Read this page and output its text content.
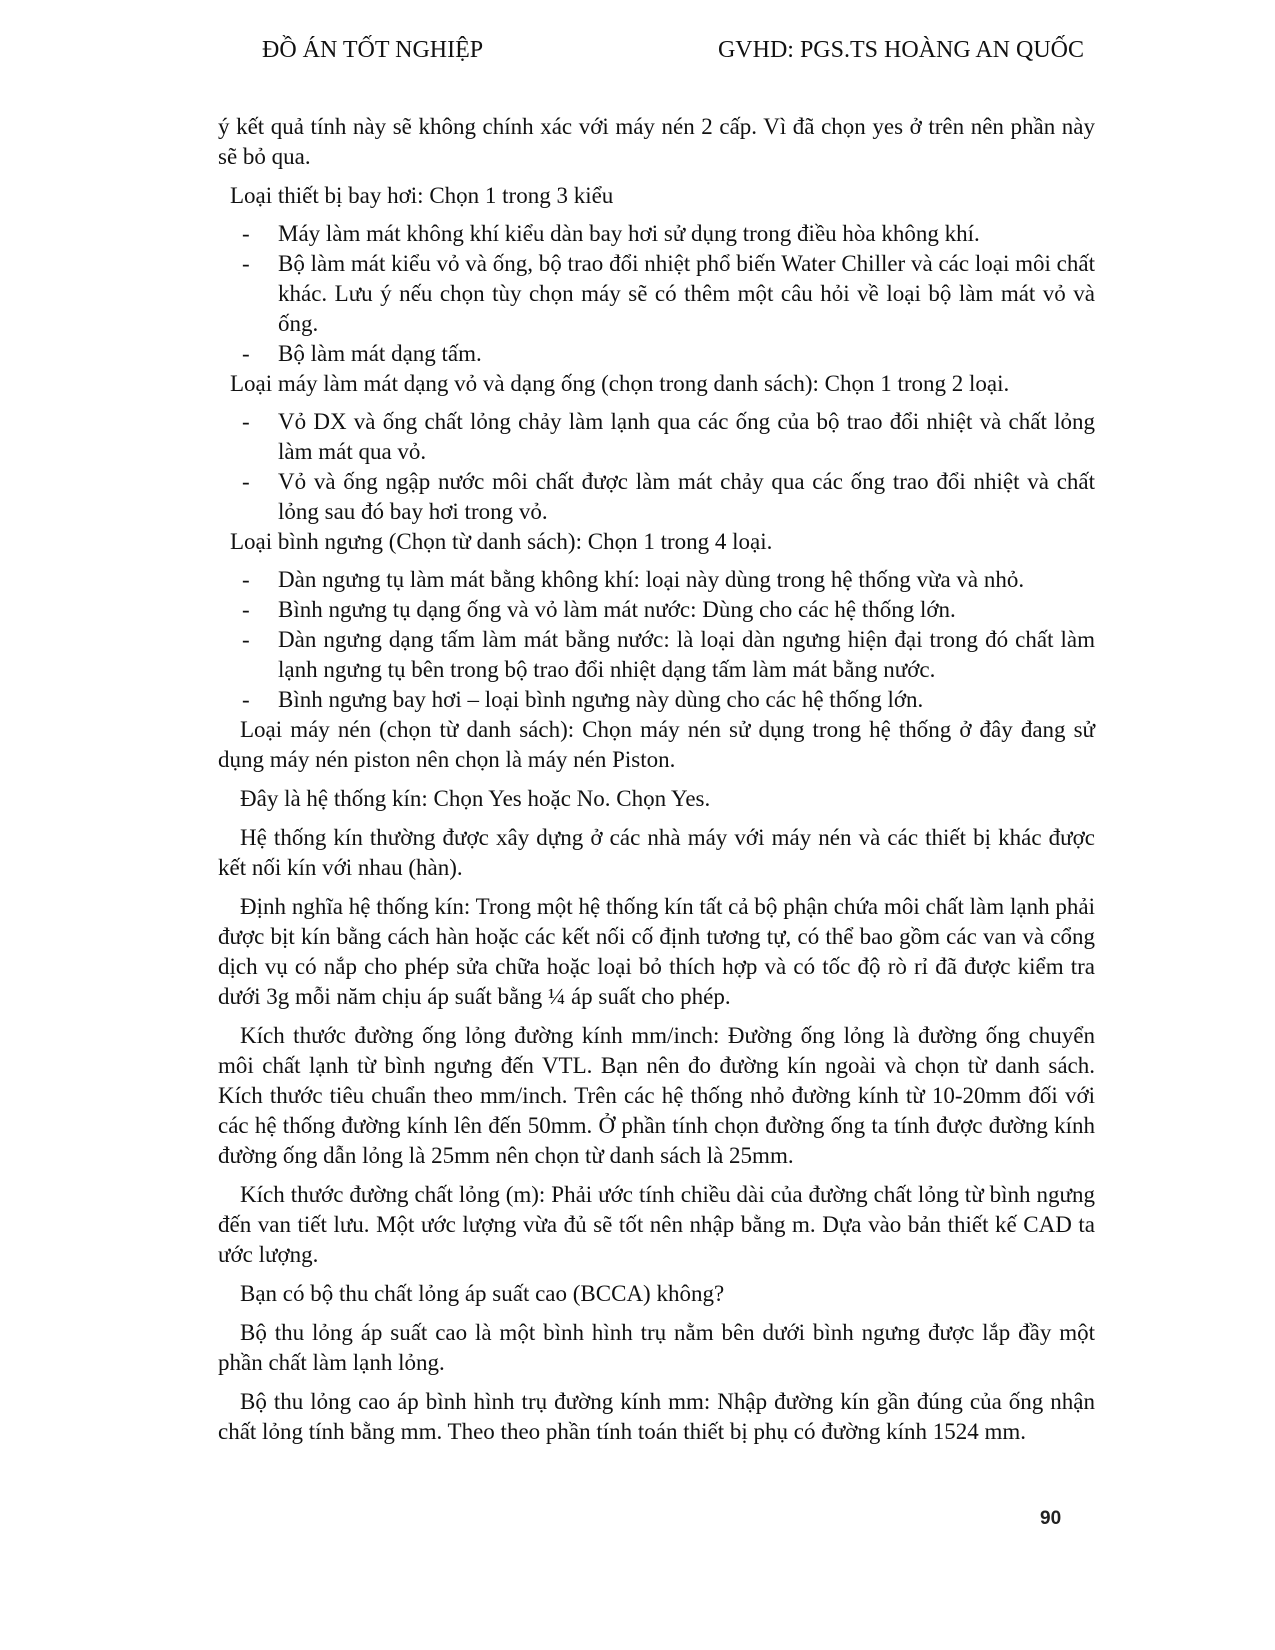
ĐỒ ÁN TỐT NGHIỆP	GVHD: PGS.TS HOÀNG AN QUỐC

ý kết quả tính này sẽ không chính xác với máy nén 2 cấp. Vì đã chọn yes ở trên nên phần này sẽ bỏ qua.

Loại thiết bị bay hơi: Chọn 1 trong 3 kiểu

- Máy làm mát không khí kiểu dàn bay hơi sử dụng trong điều hòa không khí.
- Bộ làm mát kiểu vỏ và ống, bộ trao đổi nhiệt phổ biến Water Chiller và các loại môi chất khác. Lưu ý nếu chọn tùy chọn máy sẽ có thêm một câu hỏi về loại bộ làm mát vỏ và ống.
- Bộ làm mát dạng tấm.

Loại máy làm mát dạng vỏ và dạng ống (chọn trong danh sách): Chọn 1 trong 2 loại.

- Vỏ DX và ống chất lỏng chảy làm lạnh qua các ống của bộ trao đổi nhiệt và chất lỏng làm mát qua vỏ.
- Vỏ và ống ngập nước môi chất được làm mát chảy qua các ống trao đổi nhiệt và chất lỏng sau đó bay hơi trong vỏ.

Loại bình ngưng (Chọn từ danh sách): Chọn 1 trong 4 loại.

- Dàn ngưng tụ làm mát bằng không khí: loại này dùng trong hệ thống vừa và nhỏ.
- Bình ngưng tụ dạng ống và vỏ làm mát nước: Dùng cho các hệ thống lớn.
- Dàn ngưng dạng tấm làm mát bằng nước: là loại dàn ngưng hiện đại trong đó chất làm lạnh ngưng tụ bên trong bộ trao đổi nhiệt dạng tấm làm mát bằng nước.
- Bình ngưng bay hơi – loại bình ngưng này dùng cho các hệ thống lớn.

Loại máy nén (chọn từ danh sách): Chọn máy nén sử dụng trong hệ thống ở đây đang sử dụng máy nén piston nên chọn là máy nén Piston.

Đây là hệ thống kín: Chọn Yes hoặc No. Chọn Yes.

Hệ thống kín thường được xây dựng ở các nhà máy với máy nén và các thiết bị khác được kết nối kín với nhau (hàn).

Định nghĩa hệ thống kín: Trong một hệ thống kín tất cả bộ phận chứa môi chất làm lạnh phải được bịt kín bằng cách hàn hoặc các kết nối cố định tương tự, có thể bao gồm các van và cổng dịch vụ có nắp cho phép sửa chữa hoặc loại bỏ thích hợp và có tốc độ rò rỉ đã được kiểm tra dưới 3g mỗi năm chịu áp suất bằng ¼ áp suất cho phép.

Kích thước đường ống lỏng đường kính mm/inch: Đường ống lỏng là đường ống chuyển môi chất lạnh từ bình ngưng đến VTL. Bạn nên đo đường kín ngoài và chọn từ danh sách. Kích thước tiêu chuẩn theo mm/inch. Trên các hệ thống nhỏ đường kính từ 10-20mm đối với các hệ thống đường kính lên đến 50mm. Ở phần tính chọn đường ống ta tính được đường kính đường ống dẫn lỏng là 25mm nên chọn từ danh sách là 25mm.

Kích thước đường chất lỏng (m): Phải ước tính chiều dài của đường chất lỏng từ bình ngưng đến van tiết lưu. Một ước lượng vừa đủ sẽ tốt nên nhập bằng m. Dựa vào bản thiết kế CAD ta ước lượng.

Bạn có bộ thu chất lỏng áp suất cao (BCCA) không?

Bộ thu lỏng áp suất cao là một bình hình trụ nằm bên dưới bình ngưng được lắp đầy một phần chất làm lạnh lỏng.

Bộ thu lỏng cao áp bình hình trụ đường kính mm: Nhập đường kín gần đúng của ống nhận chất lỏng tính bằng mm. Theo theo phần tính toán thiết bị phụ có đường kính 1524 mm.

90
